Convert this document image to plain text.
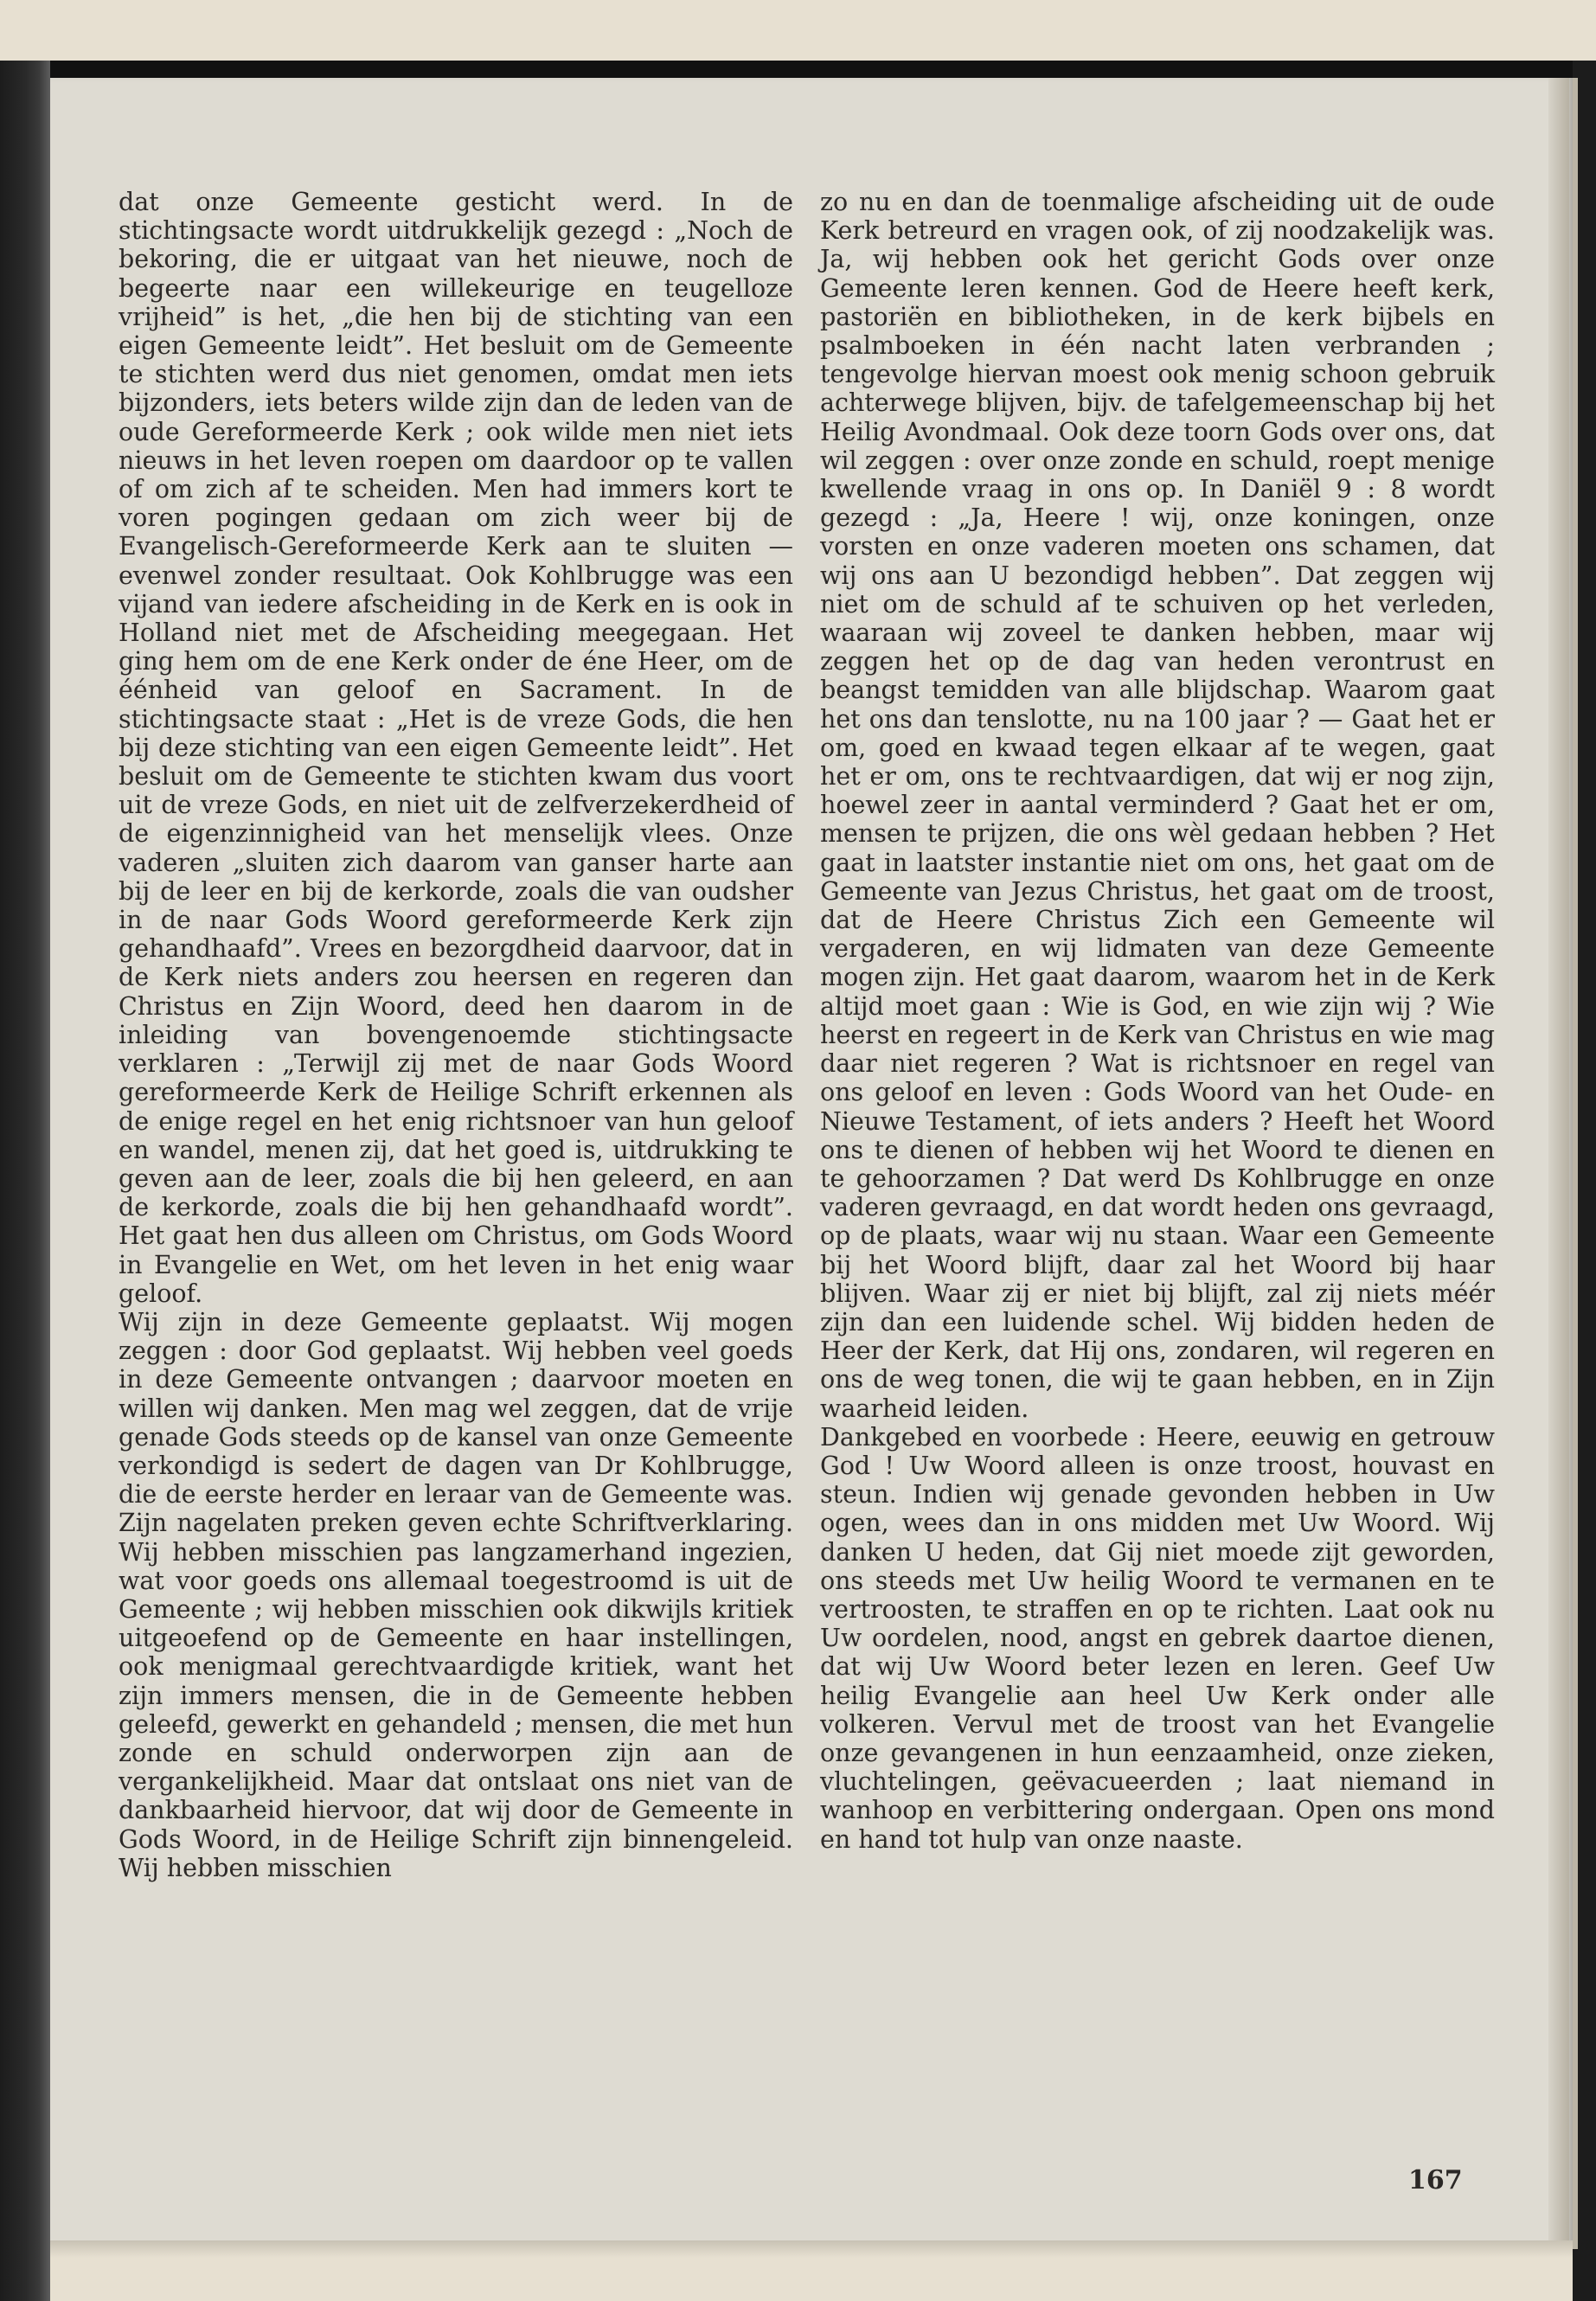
dat onze Gemeente gesticht werd. In de stichtingsacte wordt uitdrukkelijk gezegd : „Noch de bekoring, die er uitgaat van het nieuwe, noch de begeerte naar een willekeurige en teugelloze vrijheid” is het, „die hen bij de stichting van een eigen Gemeente leidt”. Het besluit om de Gemeente te stichten werd dus niet genomen, omdat men iets bijzonders, iets beters wilde zijn dan de leden van de oude Gereformeerde Kerk ; ook wilde men niet iets nieuws in het leven roepen om daardoor op te vallen of om zich af te scheiden. Men had immers kort te voren pogingen gedaan om zich weer bij de Evangelisch-Gereformeerde Kerk aan te sluiten — evenwel zonder resultaat. Ook Kohlbrugge was een vijand van iedere afscheiding in de Kerk en is ook in Holland niet met de Afscheiding meegegaan. Het ging hem om de ene Kerk onder de éne Heer, om de éénheid van geloof en Sacrament. In de stichtingsacte staat : „Het is de vreze Gods, die hen bij deze stichting van een eigen Gemeente leidt”. Het besluit om de Gemeente te stichten kwam dus voort uit de vreze Gods, en niet uit de zelfverzekerdheid of de eigenzinnigheid van het menselijk vlees. Onze vaderen „sluiten zich daarom van ganser harte aan bij de leer en bij de kerkorde, zoals die van oudsher in de naar Gods Woord gereformeerde Kerk zijn gehandhaafd”. Vrees en bezorgdheid daarvoor, dat in de Kerk niets anders zou heersen en regeren dan Christus en Zijn Woord, deed hen daarom in de inleiding van bovengenoemde stichtingsacte verklaren : „Terwijl zij met de naar Gods Woord gereformeerde Kerk de Heilige Schrift erkennen als de enige regel en het enig richtsnoer van hun geloof en wandel, menen zij, dat het goed is, uitdrukking te geven aan de leer, zoals die bij hen geleerd, en aan de kerkorde, zoals die bij hen gehandhaafd wordt”. Het gaat hen dus alleen om Christus, om Gods Woord in Evangelie en Wet, om het leven in het enig waar geloof.

Wij zijn in deze Gemeente geplaatst. Wij mogen zeggen : door God geplaatst. Wij hebben veel goeds in deze Gemeente ontvangen ; daarvoor moeten en willen wij danken. Men mag wel zeggen, dat de vrije genade Gods steeds op de kansel van onze Gemeente verkondigd is sedert de dagen van Dr Kohlbrugge, die de eerste herder en leraar van de Gemeente was. Zijn nagelaten preken geven echte Schriftverklaring. Wij hebben misschien pas langzamerhand ingezien, wat voor goeds ons allemaal toegestroomd is uit de Gemeente ; wij hebben misschien ook dikwijls kritiek uitgeoefend op de Gemeente en haar instellingen, ook menigmaal gerechtvaardigde kritiek, want het zijn immers mensen, die in de Gemeente hebben geleefd, gewerkt en gehandeld ; mensen, die met hun zonde en schuld onderworpen zijn aan de vergankelijkheid. Maar dat ontslaat ons niet van de dankbaarheid hiervoor, dat wij door de Gemeente in Gods Woord, in de Heilige Schrift zijn binnengeleid. Wij hebben misschien

zo nu en dan de toenmalige afscheiding uit de oude Kerk betreurd en vragen ook, of zij noodzakelijk was. Ja, wij hebben ook het gericht Gods over onze Gemeente leren kennen. God de Heere heeft kerk, pastoriën en bibliotheken, in de kerk bijbels en psalmboeken in één nacht laten verbranden ; tengevolge hiervan moest ook menig schoon gebruik achterwege blijven, bijv. de tafelgemeenschap bij het Heilig Avondmaal. Ook deze toorn Gods over ons, dat wil zeggen : over onze zonde en schuld, roept menige kwellende vraag in ons op. In Daniël 9 : 8 wordt gezegd : „Ja, Heere ! wij, onze koningen, onze vorsten en onze vaderen moeten ons schamen, dat wij ons aan U bezondigd hebben”. Dat zeggen wij niet om de schuld af te schuiven op het verleden, waaraan wij zoveel te danken hebben, maar wij zeggen het op de dag van heden verontrust en beangst temidden van alle blijdschap. Waarom gaat het ons dan tenslotte, nu na 100 jaar ? — Gaat het er om, goed en kwaad tegen elkaar af te wegen, gaat het er om, ons te rechtvaardigen, dat wij er nog zijn, hoewel zeer in aantal verminderd ? Gaat het er om, mensen te prijzen, die ons wèl gedaan hebben ? Het gaat in laatster instantie niet om ons, het gaat om de Gemeente van Jezus Christus, het gaat om de troost, dat de Heere Christus Zich een Gemeente wil vergaderen, en wij lidmaten van deze Gemeente mogen zijn. Het gaat daarom, waarom het in de Kerk altijd moet gaan : Wie is God, en wie zijn wij ? Wie heerst en regeert in de Kerk van Christus en wie mag daar niet regeren ? Wat is richtsnoer en regel van ons geloof en leven : Gods Woord van het Oude- en Nieuwe Testament, of iets anders ? Heeft het Woord ons te dienen of hebben wij het Woord te dienen en te gehoorzamen ? Dat werd Ds Kohlbrugge en onze vaderen gevraagd, en dat wordt heden ons gevraagd, op de plaats, waar wij nu staan. Waar een Gemeente bij het Woord blijft, daar zal het Woord bij haar blijven. Waar zij er niet bij blijft, zal zij niets méér zijn dan een luidende schel. Wij bidden heden de Heer der Kerk, dat Hij ons, zondaren, wil regeren en ons de weg tonen, die wij te gaan hebben, en in Zijn waarheid leiden.

Dankgebed en voorbede : Heere, eeuwig en getrouw God ! Uw Woord alleen is onze troost, houvast en steun. Indien wij genade gevonden hebben in Uw ogen, wees dan in ons midden met Uw Woord. Wij danken U heden, dat Gij niet moede zijt geworden, ons steeds met Uw heilig Woord te vermanen en te vertroosten, te straffen en op te richten. Laat ook nu Uw oordelen, nood, angst en gebrek daartoe dienen, dat wij Uw Woord beter lezen en leren. Geef Uw heilig Evangelie aan heel Uw Kerk onder alle volkeren. Vervul met de troost van het Evangelie onze gevangenen in hun eenzaamheid, onze zieken, vluchtelingen, geëvacueerden ; laat niemand in wanhoop en verbittering ondergaan. Open ons mond en hand tot hulp van onze naaste.

167
